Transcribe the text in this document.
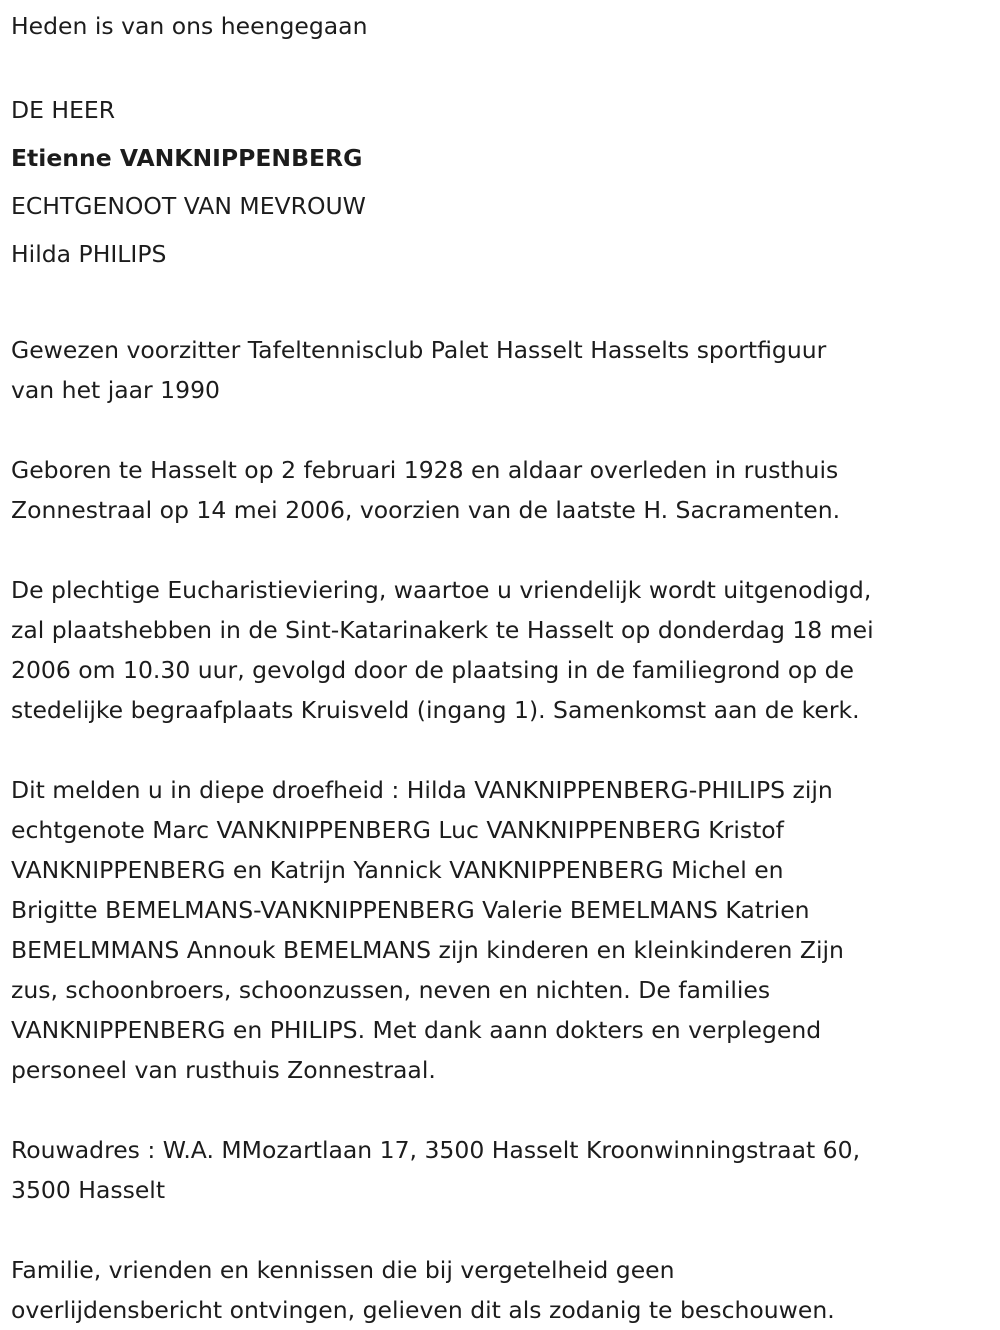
Heden is van ons heengegaan
DE HEER
Etienne VANKNIPPENBERG
ECHTGENOOT VAN MEVROUW
Hilda PHILIPS
Gewezen voorzitter Tafeltennisclub Palet Hasselt Hasselts sportfiguur
van het jaar 1990
Geboren te Hasselt op 2 februari 1928 en aldaar overleden in rusthuis
Zonnestraal op 14 mei 2006, voorzien van de laatste H. Sacramenten.
De plechtige Eucharistieviering, waartoe u vriendelijk wordt uitgenodigd,
zal plaatshebben in de Sint-Katarinakerk te Hasselt op donderdag 18 mei
2006 om 10.30 uur, gevolgd door de plaatsing in de familiegrond op de
stedelijke begraafplaats Kruisveld (ingang 1). Samenkomst aan de kerk.
Dit melden u in diepe droefheid : Hilda VANKNIPPENBERG-PHILIPS zijn
echtgenote Marc VANKNIPPENBERG Luc VANKNIPPENBERG Kristof
VANKNIPPENBERG en Katrijn Yannick VANKNIPPENBERG Michel en
Brigitte BEMELMANS-VANKNIPPENBERG Valerie BEMELMANS Katrien
BEMELMMANS Annouk BEMELMANS zijn kinderen en kleinkinderen Zijn
zus, schoonbroers, schoonzussen, neven en nichten. De families
VANKNIPPENBERG en PHILIPS. Met dank aann dokters en verplegend
personeel van rusthuis Zonnestraal.
Rouwadres : W.A. MMozartlaan 17, 3500 Hasselt Kroonwinningstraat 60,
3500 Hasselt
Familie, vrienden en kennissen die bij vergetelheid geen
overlijdensbericht ontvingen, gelieven dit als zodanig te beschouwen.
